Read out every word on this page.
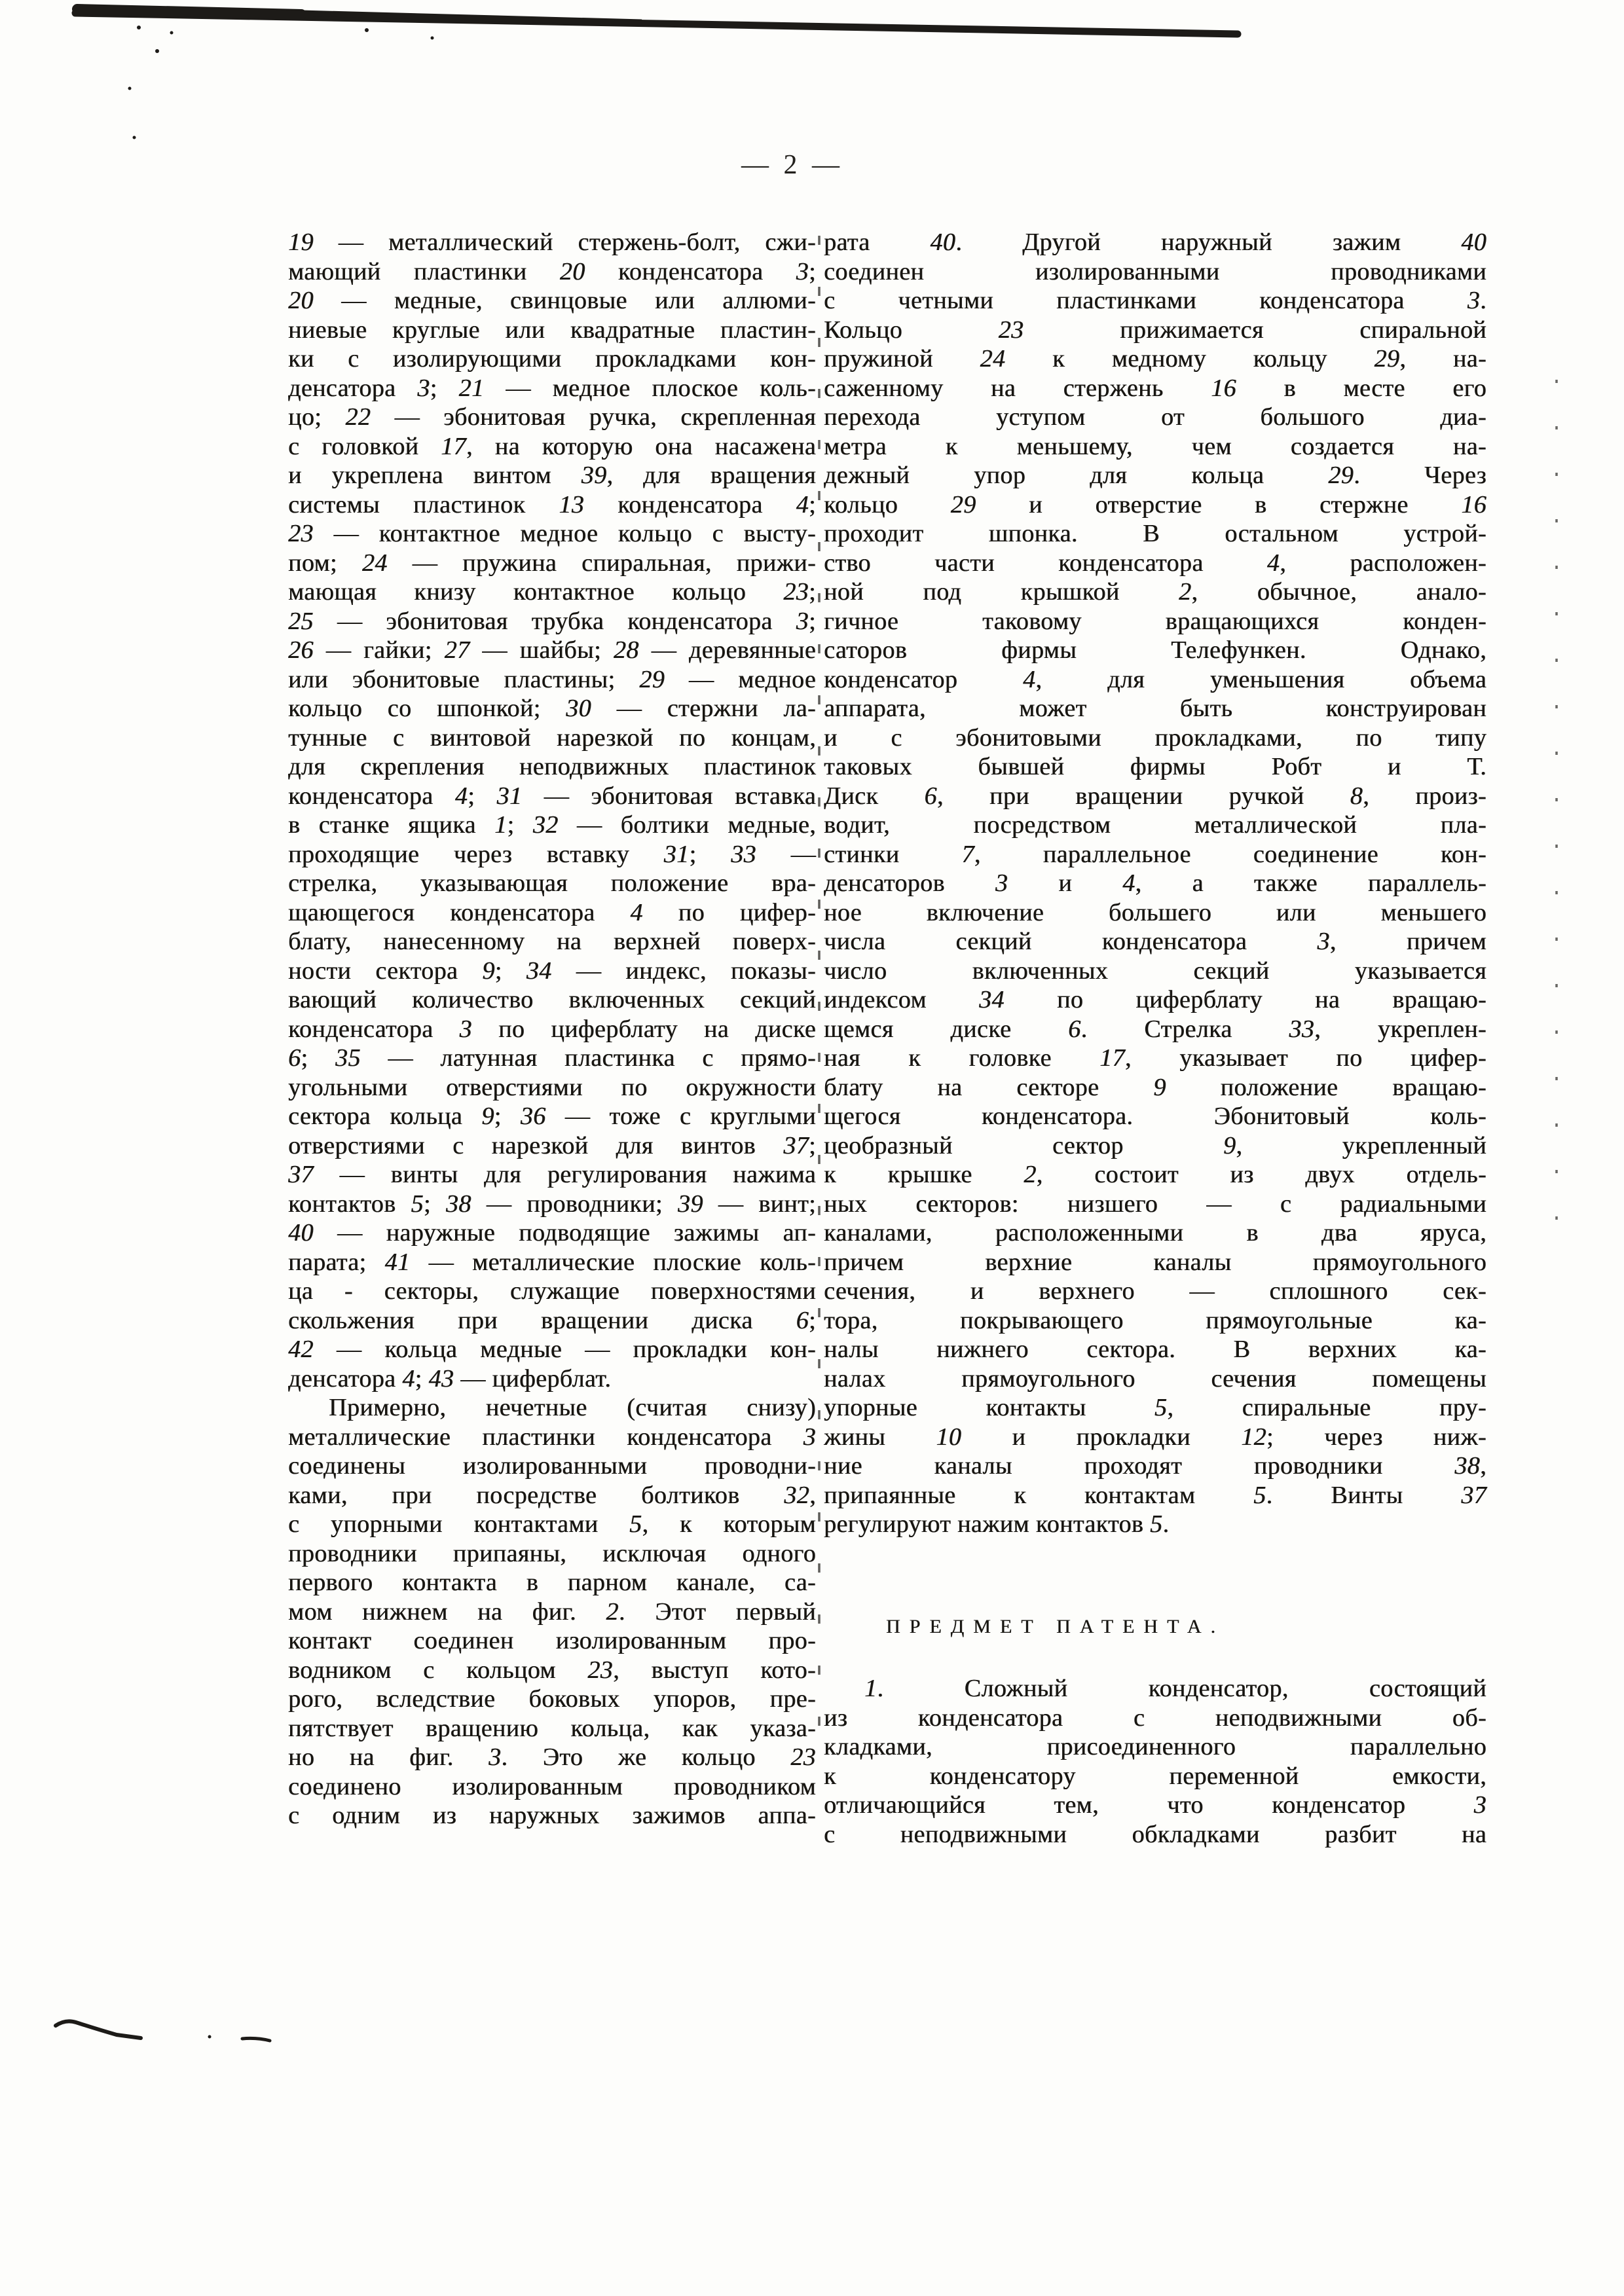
— 2 —
19 — металлический стержень-болт, сжи-
мающий пластинки 20 конденсатора 3;
20 — медные, свинцовые или аллюми-
ниевые круглые или квадратные пластин-
ки с изолирующими прокладками кон-
денсатора 3; 21 — медное плоское коль-
цо; 22 — эбонитовая ручка, скрепленная
с головкой 17, на которую она насажена
и укреплена винтом 39, для вращения
системы пластинок 13 конденсатора 4;
23 — контактное медное кольцо с высту-
пом; 24 — пружина спиральная, прижи-
мающая книзу контактное кольцо 23;
25 — эбонитовая трубка конденсатора 3;
26 — гайки; 27 — шайбы; 28 — деревянные
или эбонитовые пластины; 29 — медное
кольцо со шпонкой; 30 — стержни ла-
тунные с винтовой нарезкой по концам,
для скрепления неподвижных пластинок
конденсатора 4; 31 — эбонитовая вставка
в станке ящика 1; 32 — болтики медные,
проходящие через вставку 31; 33 —
стрелка, указывающая положение вра-
щающегося конденсатора 4 по цифер-
блату, нанесенному на верхней поверх-
ности сектора 9; 34 — индекс, показы-
вающий количество включенных секций
конденсатора 3 по циферблату на диске
6; 35 — латунная пластинка с прямо-
угольными отверстиями по окружности
сектора кольца 9; 36 — тоже с круглыми
отверстиями с нарезкой для винтов 37;
37 — винты для регулирования нажима
контактов 5; 38 — проводники; 39 — винт;
40 — наружные подводящие зажимы ап-
парата; 41 — металлические плоские коль-
ца - секторы, служащие поверхностями
скольжения при вращении диска 6;
42 — кольца медные — прокладки кон-
денсатора 4; 43 — циферблат.
Примерно, нечетные (считая снизу)
металлические пластинки конденсатора 3
соединены изолированными проводни-
ками, при посредстве болтиков 32,
с упорными контактами 5, к которым
проводники припаяны, исключая одного
первого контакта в парном канале, са-
мом нижнем на фиг. 2. Этот первый
контакт соединен изолированным про-
водником с кольцом 23, выступ кото-
рого, вследствие боковых упоров, пре-
пятствует вращению кольца, как указа-
но на фиг. 3. Это же кольцо 23
соединено изолированным проводником
с одним из наружных зажимов аппа-
рата 40. Другой наружный зажим 40
соединен изолированными проводниками
с четными пластинками конденсатора 3.
Кольцо 23 прижимается спиральной
пружиной 24 к медному кольцу 29, на-
саженному на стержень 16 в месте его
перехода уступом от большого диа-
метра к меньшему, чем создается на-
дежный упор для кольца 29. Через
кольцо 29 и отверстие в стержне 16
проходит шпонка. В остальном устрой-
ство части конденсатора 4, расположен-
ной под крышкой 2, обычное, анало-
гичное таковому вращающихся конден-
саторов фирмы Телефункен. Однако,
конденсатор 4, для уменьшения объема
аппарата, может быть конструирован
и с эбонитовыми прокладками, по типу
таковых бывшей фирмы Робт и Т.
Диск 6, при вращении ручкой 8, произ-
водит, посредством металлической пла-
стинки 7, параллельное соединение кон-
денсаторов 3 и 4, а также параллель-
ное включение большего или меньшего
числа секций конденсатора 3, причем
число включенных секций указывается
индексом 34 по циферблату на вращаю-
щемся диске 6. Стрелка 33, укреплен-
ная к головке 17, указывает по цифер-
блату на секторе 9 положение вращаю-
щегося конденсатора. Эбонитовый коль-
цеобразный сектор 9, укрепленный
к крышке 2, состоит из двух отдель-
ных секторов: низшего — с радиальными
каналами, расположенными в два яруса,
причем верхние каналы прямоугольного
сечения, и верхнего — сплошного сек-
тора, покрывающего прямоугольные ка-
налы нижнего сектора. В верхних ка-
налах прямоугольного сечения помещены
упорные контакты 5, спиральные пру-
жины 10 и прокладки 12; через ниж-
ние каналы проходят проводники 38,
припаянные к контактам 5. Винты 37
регулируют нажим контактов 5.
ПРЕДМЕТ ПАТЕНТА.
1. Сложный конденсатор, состоящий
из конденсатора с неподвижными об-
кладками, присоединенного параллельно
к конденсатору переменной емкости,
отличающийся тем, что конденсатор 3
с неподвижными обкладками разбит на
